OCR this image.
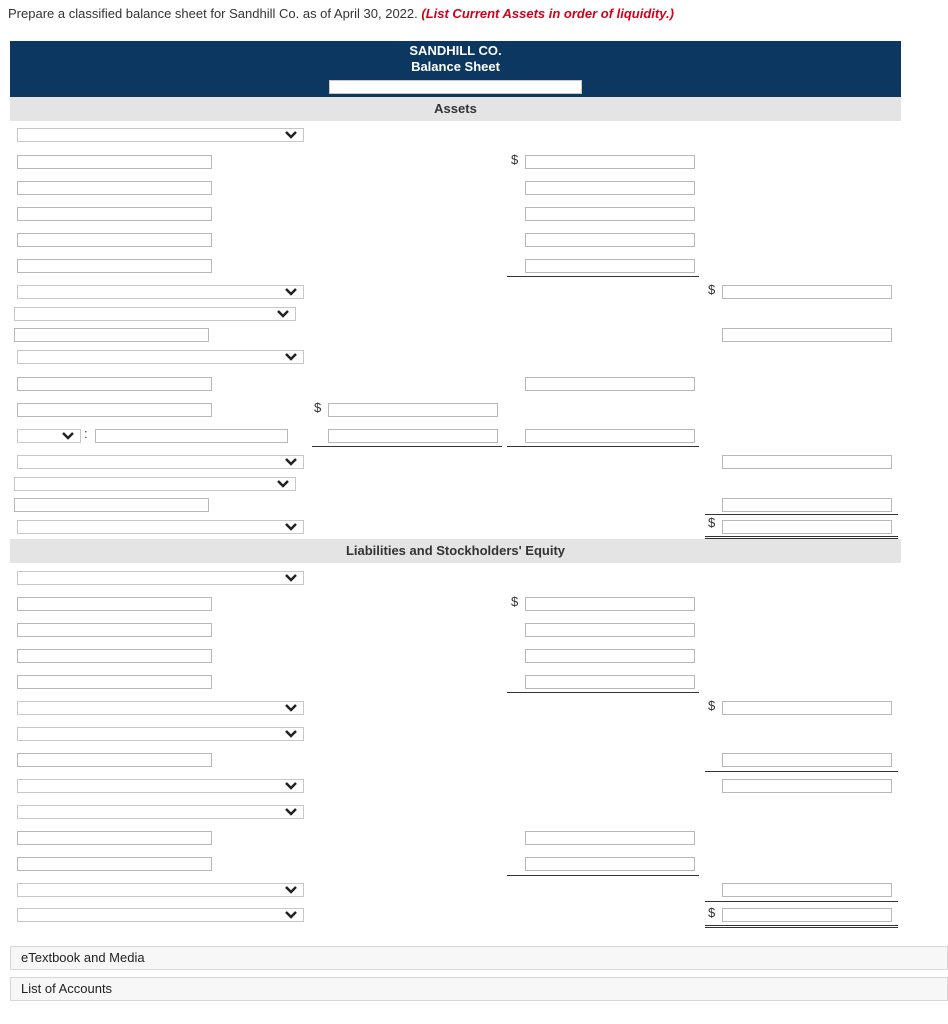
Prepare a classified balance sheet for Sandhill Co. as of April 30, 2022. (List Current Assets in order of liquidity.)
SANDHILL CO.
Balance Sheet
Assets
Liabilities and Stockholders' Equity
$
$
$
:
$
$
$
$
eTextbook and Media
List of Accounts
